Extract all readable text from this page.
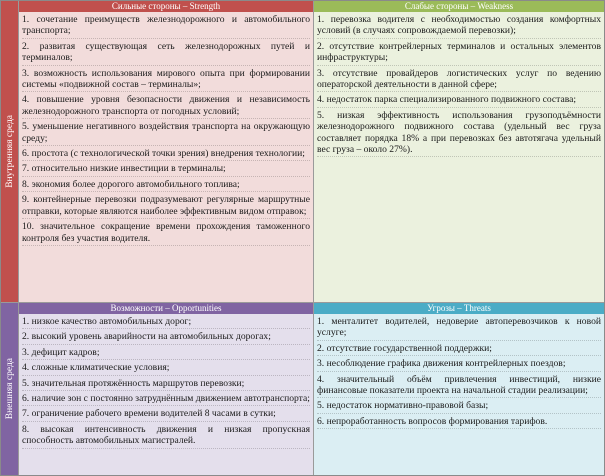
Внутренняя среда
Внешняя среда
Сильные стороны – Strength	Слабые стороны – Weakness
Возможности – Opportunities	Угрозы – Threats

1. сочетание преимуществ железнодорожного и автомобильного транспорта;

2. развитая существующая сеть железнодорожных путей и терминалов;

3. возможность использования мирового опыта при формировании системы «подвижной состав – терминалы»;

4. повышение уровня безопасности движения и независимость железнодорожного транспорта от погодных условий;

5. уменьшение негативного воздействия транспорта на окружающую среду;

6. простота (с технологической точки зрения) внедрения технологии;

7. относительно низкие инвестиции в терминалы;

8. экономия более дорогого автомобильного топлива;

9. контейнерные перевозки подразумевают регулярные маршрутные отправки, которые являются наиболее эффективным видом отправок;

10. значительное сокращение времени прохождения таможенного контроля без участия водителя.

1. перевозка водителя с необходимостью создания комфортных условий (в случаях сопровождаемой перевозки);

2. отсутствие контрейлерных терминалов и остальных элементов инфраструктуры;

3. отсутствие провайдеров логистических услуг по ведению операторской деятельности в данной сфере;

4. недостаток парка специализированного подвижного состава;

5. низкая эффективность использования грузоподъёмности железнодорожного подвижного состава (удельный вес груза составляет порядка 18% а при перевозках без автотягача удельный вес груза – около 27%).

1. низкое качество автомобильных дорог;

2. высокий уровень аварийности на автомобильных дорогах;

3. дефицит кадров;

4. сложные климатические условия;

5. значительная протяжённость маршрутов перевозки;

6. наличие зон с постоянно затруднённым движением автотранспорта;

7. ограничение рабочего времени водителей 8 часами в сутки;

8. высокая интенсивность движения и низкая пропускная способность автомобильных магистралей.

1. менталитет водителей, недоверие автоперевозчиков к новой услуге;

2. отсутствие государственной поддержки;

3. несоблюдение графика движения контрейлерных поездов;

4. значительный объём привлечения инвестиций, низкие финансовые показатели проекта на начальной стадии реализации;

5. недостаток нормативно-правовой базы;

6. непроработанность вопросов формирования тарифов.
